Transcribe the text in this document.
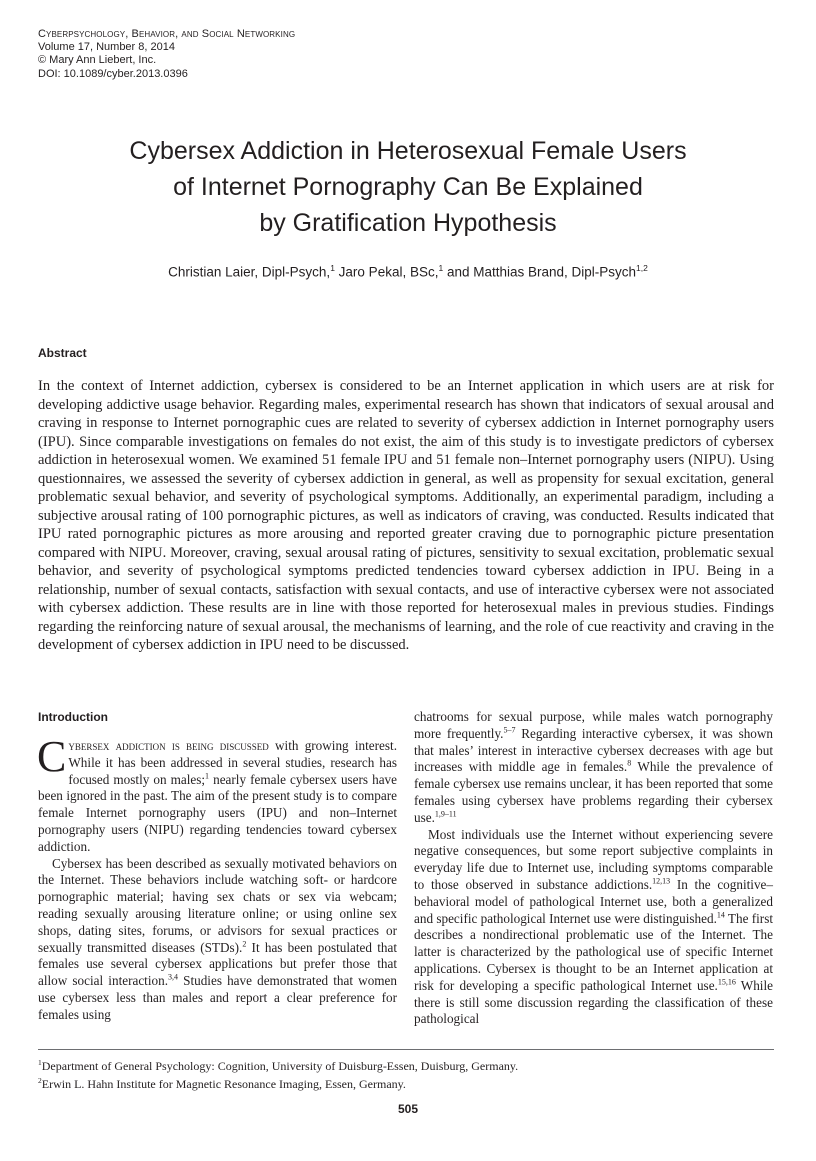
Cyberpsychology, Behavior, and Social Networking
Volume 17, Number 8, 2014
© Mary Ann Liebert, Inc.
DOI: 10.1089/cyber.2013.0396
Cybersex Addiction in Heterosexual Female Users
of Internet Pornography Can Be Explained
by Gratification Hypothesis
Christian Laier, Dipl-Psych,$^1$ Jaro Pekal, BSc,$^1$ and Matthias Brand, Dipl-Psych$^{1,2}$
Abstract
In the context of Internet addiction, cybersex is considered to be an Internet application in which users are at risk for developing addictive usage behavior. Regarding males, experimental research has shown that indicators of sexual arousal and craving in response to Internet pornographic cues are related to severity of cybersex addiction in Internet pornography users (IPU). Since comparable investigations on females do not exist, the aim of this study is to investigate predictors of cybersex addiction in heterosexual women. We examined 51 female IPU and 51 female non–Internet pornography users (NIPU). Using questionnaires, we assessed the severity of cybersex addiction in general, as well as propensity for sexual excitation, general problematic sexual behavior, and severity of psychological symptoms. Additionally, an experimental paradigm, including a subjective arousal rating of 100 pornographic pictures, as well as indicators of craving, was conducted. Results indicated that IPU rated pornographic pictures as more arousing and reported greater craving due to pornographic picture presentation compared with NIPU. Moreover, craving, sexual arousal rating of pictures, sensitivity to sexual excitation, problematic sexual behavior, and severity of psychological symptoms predicted tendencies toward cybersex addiction in IPU. Being in a relationship, number of sexual contacts, satisfaction with sexual contacts, and use of interactive cybersex were not associated with cybersex addiction. These results are in line with those reported for heterosexual males in previous studies. Findings regarding the reinforcing nature of sexual arousal, the mechanisms of learning, and the role of cue reactivity and craving in the development of cybersex addiction in IPU need to be discussed.
Introduction

Cybersex addiction is being discussed with growing interest. While it has been addressed in several studies, research has focused mostly on males;$^1$ nearly female cybersex users have been ignored in the past. The aim of the present study is to compare female Internet pornography users (IPU) and non–Internet pornography users (NIPU) regarding tendencies toward cybersex addiction.

Cybersex has been described as sexually motivated behaviors on the Internet. These behaviors include watching soft- or hardcore pornographic material; having sex chats or sex via webcam; reading sexually arousing literature online; or using online sex shops, dating sites, forums, or advisors for sexual practices or sexually transmitted diseases (STDs).$^2$ It has been postulated that females use several cybersex applications but prefer those that allow social interaction.$^{3,4}$ Studies have demonstrated that women use cybersex less than males and report a clear preference for females using

chatrooms for sexual purpose, while males watch pornography more frequently.$^{5-7}$ Regarding interactive cybersex, it was shown that males’ interest in interactive cybersex decreases with age but increases with middle age in females.$^8$ While the prevalence of female cybersex use remains unclear, it has been reported that some females using cybersex have problems regarding their cybersex use.$^{1,9-11}$

Most individuals use the Internet without experiencing severe negative consequences, but some report subjective complaints in everyday life due to Internet use, including symptoms comparable to those observed in substance addictions.$^{12,13}$ In the cognitive–behavioral model of pathological Internet use, both a generalized and specific pathological Internet use were distinguished.$^{14}$ The first describes a nondirectional problematic use of the Internet. The latter is characterized by the pathological use of specific Internet applications. Cybersex is thought to be an Internet application at risk for developing a specific pathological Internet use.$^{15,16}$ While there is still some discussion regarding the classification of these pathological

$^1$Department of General Psychology: Cognition, University of Duisburg-Essen, Duisburg, Germany.
$^2$Erwin L. Hahn Institute for Magnetic Resonance Imaging, Essen, Germany.
505
